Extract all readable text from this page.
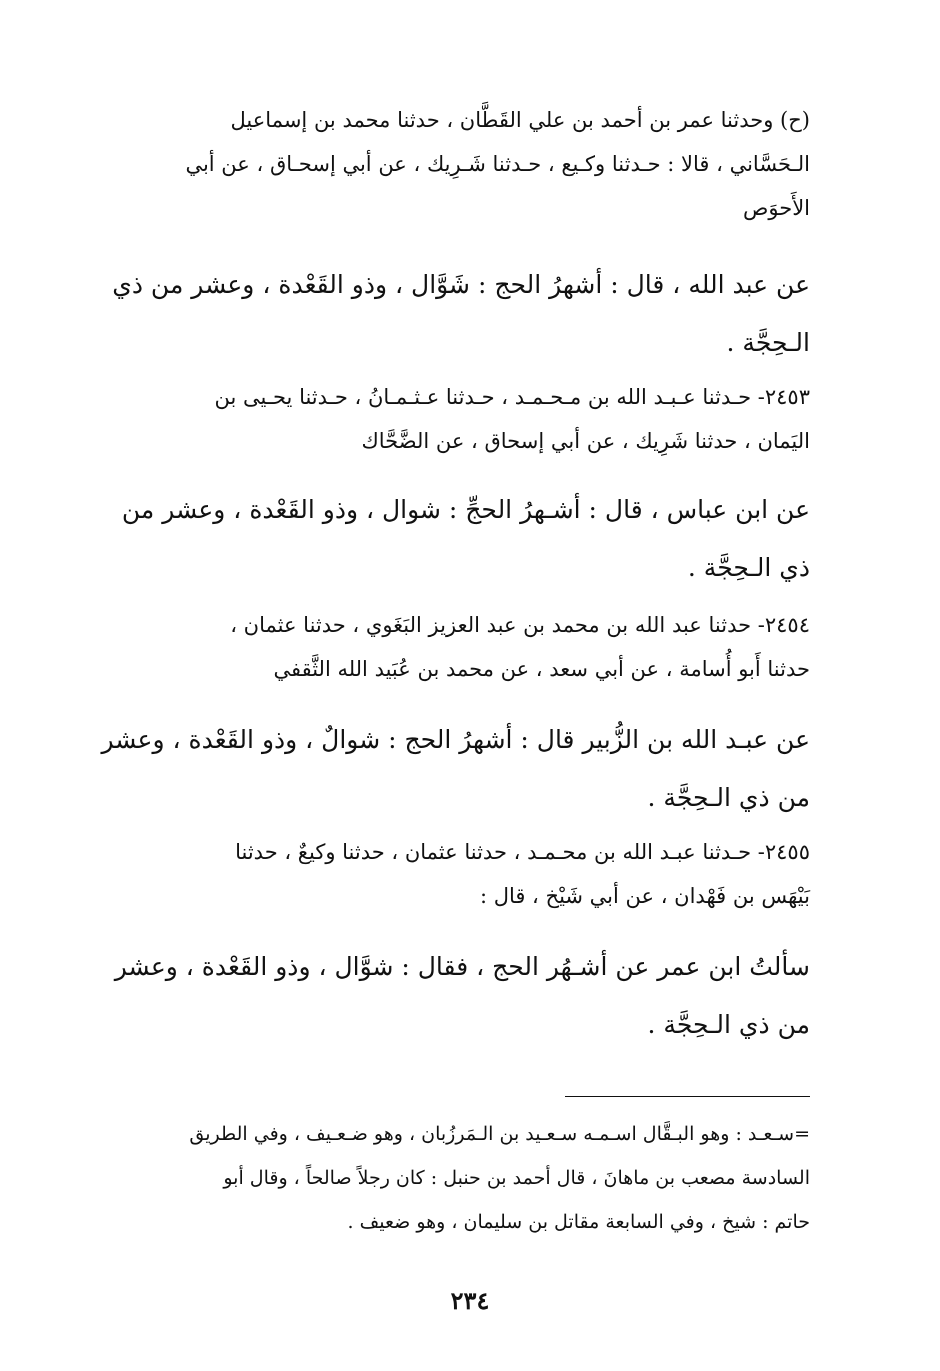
(ح) وحدثنا عمر بن أحمد بن علي القَطَّان ، حدثنا محمد بن إسماعيل
الـحَسَّاني ، قالا : حـدثنا وكـيع ، حـدثنا شَـرِيك ، عن أبي إسحـاق ، عن أبي
الأَحوَص
عن عبد الله ، قال : أشهرُ الحج : شَوَّال ، وذو القَعْدة ، وعشر من ذي
الـحِجَّة .
٢٤٥٣- حـدثنا عـبـد الله بن مـحـمـد ، حـدثنا عـثـمـانُ ، حـدثنا يحـيى بن
اليَمان ، حدثنا شَرِيك ، عن أبي إسحاق ، عن الضَّحَّاك
عن ابن عباس ، قال : أشـهرُ الحجِّ : شوال ، وذو القَعْدة ، وعشر من
ذي الـحِجَّة .
٢٤٥٤- حدثنا عبد الله بن محمد بن عبد العزيز البَغَوي ، حدثنا عثمان ،
حدثنا أَبو أُسامة ، عن أبي سعد ، عن محمد بن عُبَيد الله الثَّقفي
عن عبـد الله بن الزُّبير قال : أشهرُ الحج : شوالٌ ، وذو القَعْدة ، وعشر
من ذي الـحِجَّة .
٢٤٥٥- حـدثنا عبـد الله بن محـمـد ، حدثنا عثمان ، حدثنا وكيعٌ ، حدثنا
بَيْهَس بن فَهْدان ، عن أبي شَيْخ ، قال :
سألتُ ابن عمر عن أشـهُر الحج ، فقال : شوَّال ، وذو القَعْدة ، وعشر
من ذي الـحِجَّة .
=سـعـد : وهو البـقَّال اسـمـه سـعـيد بن الـمَرزُبان ، وهو ضـعـيف ، وفي الطريق
السادسة مصعب بن ماهانَ ، قال أحمد بن حنبل : كان رجلاً صالحاً ، وقال أبو
حاتم : شيخ ، وفي السابعة مقاتل بن سليمان ، وهو ضعيف .
٢٣٤
